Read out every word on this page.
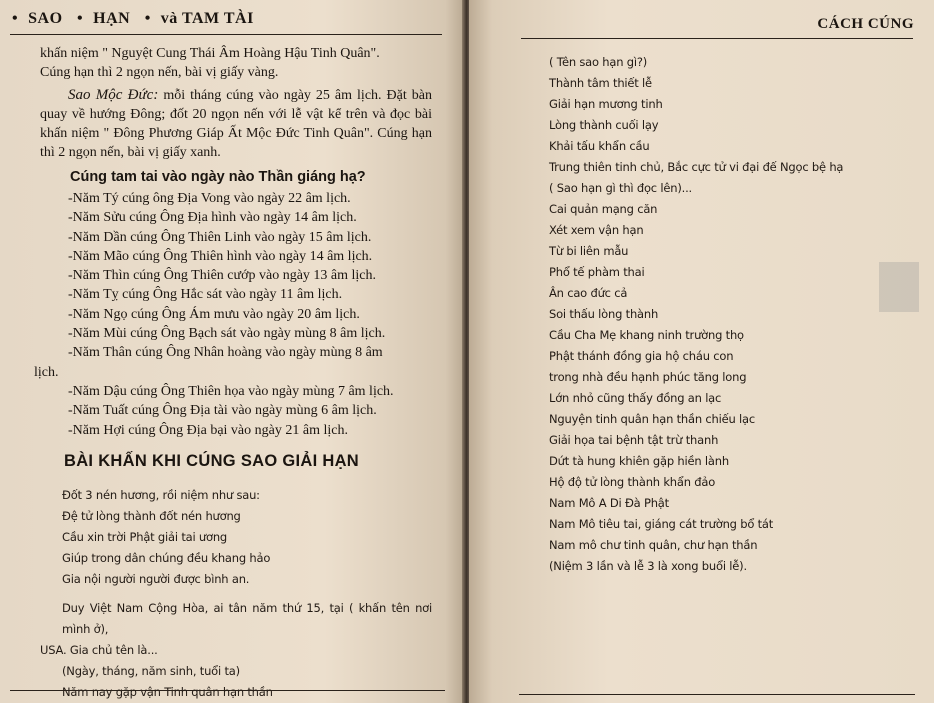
• SAO • HẠN • và TAM TÀI

khấn niệm " Nguyệt Cung Thái Âm Hoàng Hậu Tinh Quân".

Cúng hạn thì 2 ngọn nến, bài vị giấy vàng.

Sao Mộc Đức: mỗi tháng cúng vào ngày 25 âm lịch. Đặt bàn quay về hướng Đông; đốt 20 ngọn nến với lễ vật kể trên và đọc bài khấn niệm " Đông Phương Giáp Ất Mộc Đức Tinh Quân". Cúng hạn thì 2 ngọn nến, bài vị giấy xanh.

Cúng tam tai vào ngày nào Thần giáng hạ?

-Năm Tý cúng ông Địa Vong vào ngày 22 âm lịch.

-Năm Sửu cúng Ông Địa hình vào ngày 14 âm lịch.

-Năm Dần cúng Ông Thiên Linh vào ngày 15 âm lịch.

-Năm Mão cúng Ông Thiên hình vào ngày 14 âm lịch.

-Năm Thìn cúng Ông Thiên cướp vào ngày 13 âm lịch.

-Năm Tỵ cúng Ông Hắc sát vào ngày 11 âm lịch.

-Năm Ngọ cúng Ông Ám mưu vào ngày 20 âm lịch.

-Năm Mùi cúng Ông Bạch sát vào ngày mùng 8 âm lịch.

-Năm Thân cúng Ông Nhân hoàng vào ngày mùng 8 âm

lịch.

-Năm Dậu cúng Ông Thiên họa vào ngày mùng 7 âm lịch.

-Năm Tuất cúng Ông Địa tài vào ngày mùng 6 âm lịch.

-Năm Hợi cúng Ông Địa bại vào ngày 21 âm lịch.

BÀI KHẤN KHI CÚNG SAO GIẢI HẠN

Đốt 3 nén hương, rồi niệm như sau:
Đệ tử lòng thành đốt nén hương
Cầu xin trời Phật giải tai ương
Giúp trong dân chúng đều khang hảo
Gia nội người người được bình an.
Duy Việt Nam Cộng Hòa, ai tân năm thứ 15, tại ( khấn tên nơi mình ở),
USA. Gia chủ tên là...
(Ngày, tháng, năm sinh, tuổi ta)
Năm nay gặp vận Tinh quân hạn thần
CÁCH CÚNG
( Tên sao hạn gì?)
Thành tâm thiết lễ
Giải hạn mương tinh
Lòng thành cuối lạy
Khải tấu khẩn cầu
Trung thiên tinh chủ, Bắc cực tử vi đại đế Ngọc bệ hạ
( Sao hạn gì thì đọc lên)...
Cai quản mạng căn
Xét xem vận hạn
Từ bi liên mẫu
Phổ tế phàm thai
Ân cao đức cả
Soi thấu lòng thành
Cầu Cha Mẹ khang ninh trường thọ
Phật thánh đồng gia hộ cháu con
trong nhà đều hạnh phúc tăng long
Lớn nhỏ cũng thấy đồng an lạc
Nguyện tinh quân hạn thần chiếu lạc
Giải họa tai bệnh tật trừ thanh
Dứt tà hung khiên gặp hiền lành
Hộ độ tử lòng thành khẩn đảo
Nam Mô A Di Đà Phật
Nam Mô tiêu tai, giáng cát trường bổ tát
Nam mô chư tinh quân, chư hạn thần
(Niệm 3 lần và lễ 3 là xong buổi lễ).
